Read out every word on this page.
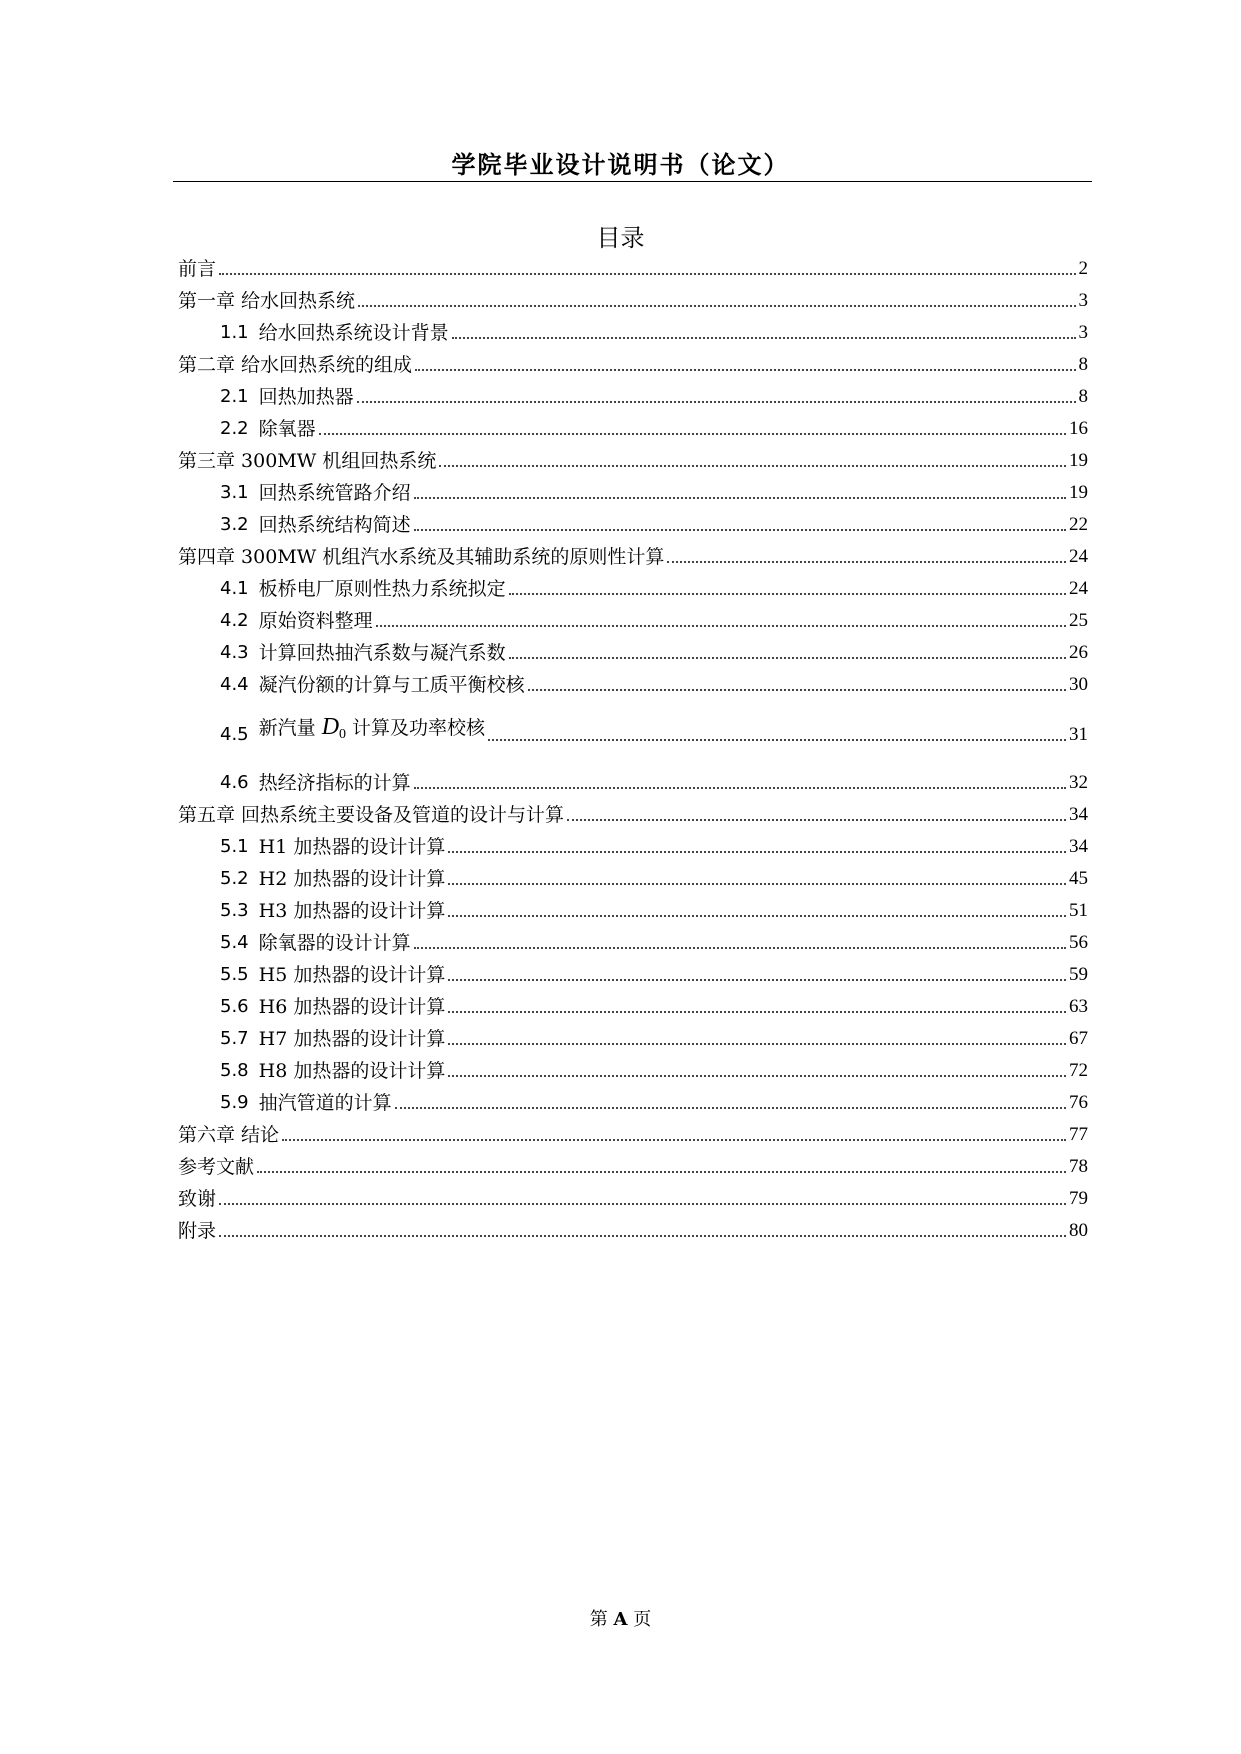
学院毕业设计说明书（论文）
目录
前言	2
第一章 给水回热系统	3
1.1 给水回热系统设计背景	3
第二章 给水回热系统的组成	8
2.1 回热加热器	8
2.2 除氧器	16
第三章 300MW 机组回热系统	19
3.1 回热系统管路介绍	19
3.2 回热系统结构简述	22
第四章 300MW 机组汽水系统及其辅助系统的原则性计算	24
4.1 板桥电厂原则性热力系统拟定	24
4.2 原始资料整理	25
4.3 计算回热抽汽系数与凝汽系数	26
4.4 凝汽份额的计算与工质平衡校核	30
4.5 新汽量 $D_0$ 计算及功率校核	31
4.6 热经济指标的计算	32
第五章 回热系统主要设备及管道的设计与计算	34
5.1 H1 加热器的设计计算	34
5.2 H2 加热器的设计计算	45
5.3 H3 加热器的设计计算	51
5.4 除氧器的设计计算	56
5.5 H5 加热器的设计计算	59
5.6 H6 加热器的设计计算	63
5.7 H7 加热器的设计计算	67
5.8 H8 加热器的设计计算	72
5.9 抽汽管道的计算	76
第六章 结论	77
参考文献	78
致谢	79
附录	80
第 A 页
